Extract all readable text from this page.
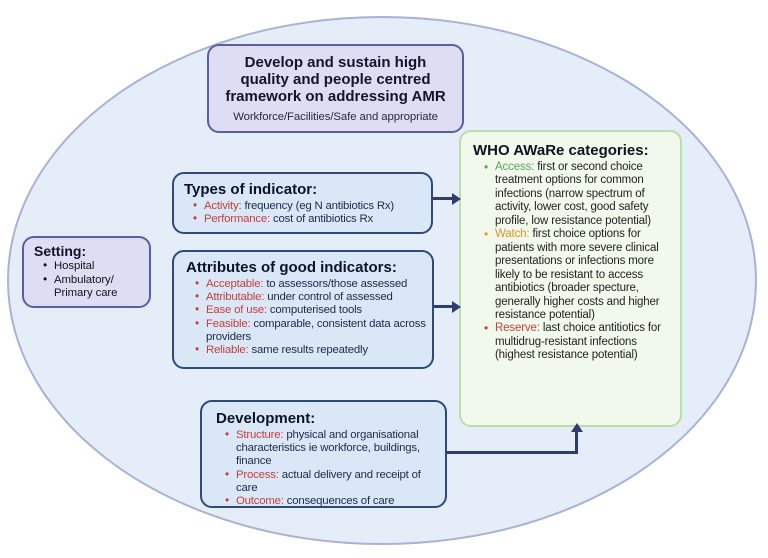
Develop and sustain high quality and people centred framework on addressing AMR
Workforce/Facilities/Safe and appropriate
Setting:
• Hospital
• Ambulatory/ Primary care
Types of indicator:
• Activity: frequency (eg N antibiotics Rx)
• Performance: cost of antibiotics Rx
Attributes of good indicators:
• Acceptable: to assessors/those assessed
• Attributable: under control of assessed
• Ease of use: computerised tools
• Feasible: comparable, consistent data across providers
• Reliable: same results repeatedly
Development:
• Structure: physical and organisational characteristics ie workforce, buildings, finance
• Process: actual delivery and receipt of care
• Outcome: consequences of care
WHO AWaRe categories:
• Access: first or second choice treatment options for common infections (narrow spectrum of activity, lower cost, good safety profile, low resistance potential)
• Watch: first choice options for patients with more severe clinical presentations or infections more likely to be resistant to access antibiotics (broader specture, generally higher costs and higher resistance potential)
• Reserve: last choice antitiotics for multidrug-resistant infections (highest resistance potential)
